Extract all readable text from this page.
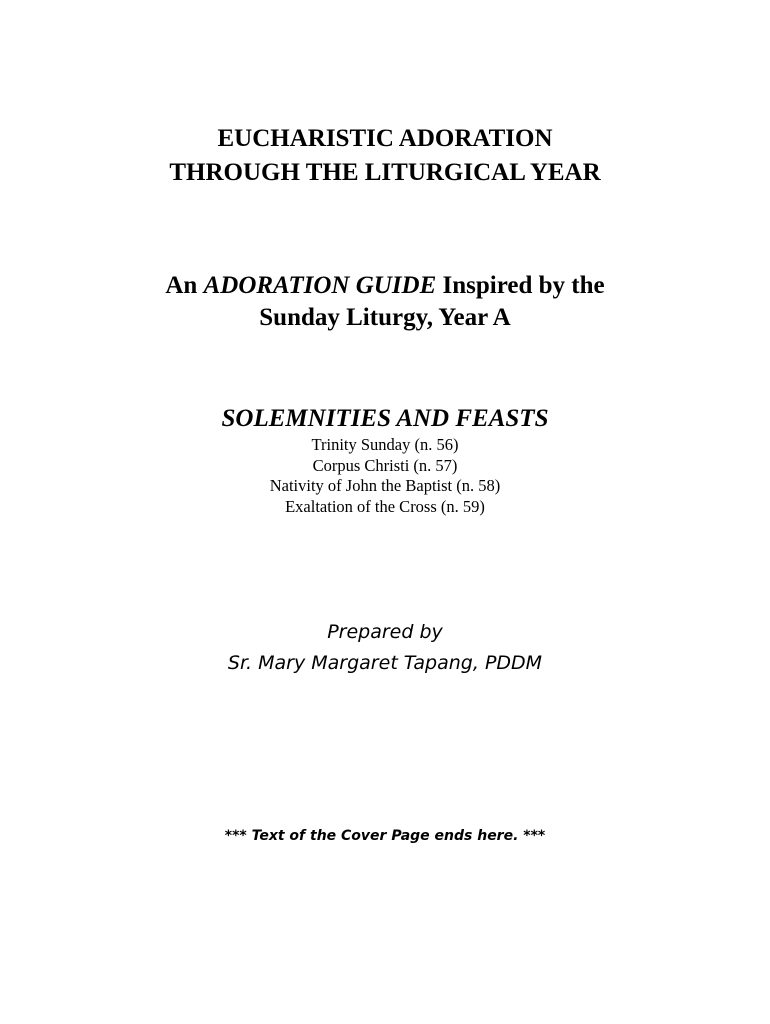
EUCHARISTIC ADORATION
THROUGH THE LITURGICAL YEAR
An ADORATION GUIDE Inspired by the
Sunday Liturgy, Year A
SOLEMNITIES AND FEASTS
Trinity Sunday (n. 56)
Corpus Christi (n. 57)
Nativity of John the Baptist (n. 58)
Exaltation of the Cross (n. 59)
Prepared by
Sr. Mary Margaret Tapang, PDDM
*** Text of the Cover Page ends here. ***
